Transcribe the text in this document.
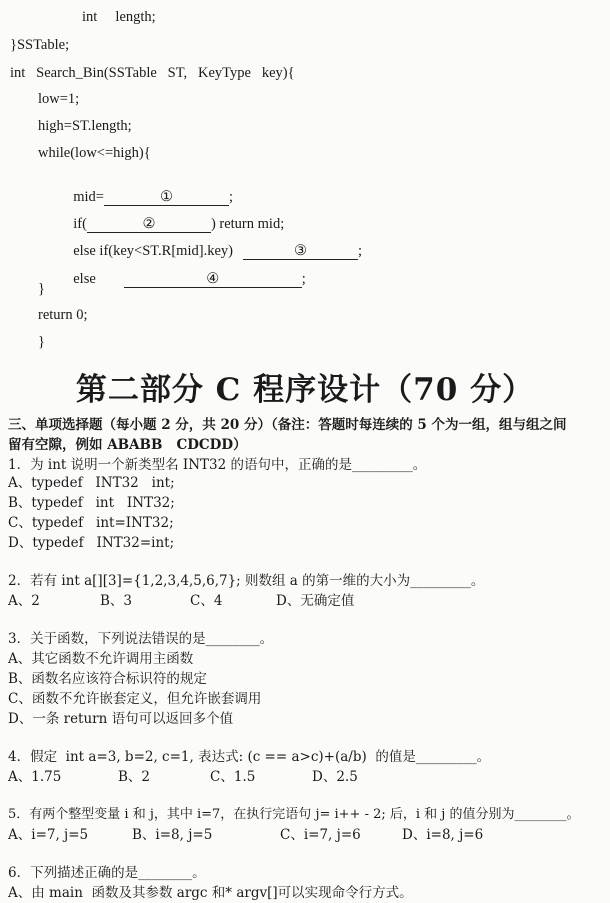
int     length;
}SSTable;
int   Search_Bin(SSTable   ST,   KeyType   key){
low=1;
high=ST.length;
while(low<=high){

mid=	①	;

if(	②	) return mid;

else if(key<ST.R[mid].key)	③	;

else	④	;

}
return 0;
}
第二部分 C 程序设计（70 分）
三、单项选择题（每小题 2 分，共 20 分）（备注：答题时每连续的 5 个为一组，组与组之间
留有空隙，例如 ABABB   CDCDD）
1．为 int 说明一个新类型名 INT32 的语句中，正确的是_________。
A、typedef   INT32   int;
B、typedef   int   INT32;
C、typedef   int=INT32;
D、typedef   INT32=int;
2．若有 int a[][3]={1,2,3,4,5,6,7}; 则数组 a 的第一维的大小为_________。
A、2	B、3	C、4	D、无确定值
3．关于函数，下列说法错误的是________。
A、其它函数不允许调用主函数
B、函数名应该符合标识符的规定
C、函数不允许嵌套定义，但允许嵌套调用
D、一条 return 语句可以返回多个值
4．假定  int a=3, b=2, c=1, 表达式: (c == a>c)+(a/b)  的值是_________。
A、1.75	B、2	C、1.5	D、2.5
5．有两个整型变量 i 和 j，其中 i=7，在执行完语句 j= i++ - 2; 后，i 和 j 的值分别为________。
A、i=7, j=5	B、i=8, j=5	C、i=7, j=6	D、i=8, j=6
6．下列描述正确的是________。
A、由 main  函数及其参数 argc 和* argv[]可以实现命令行方式。
